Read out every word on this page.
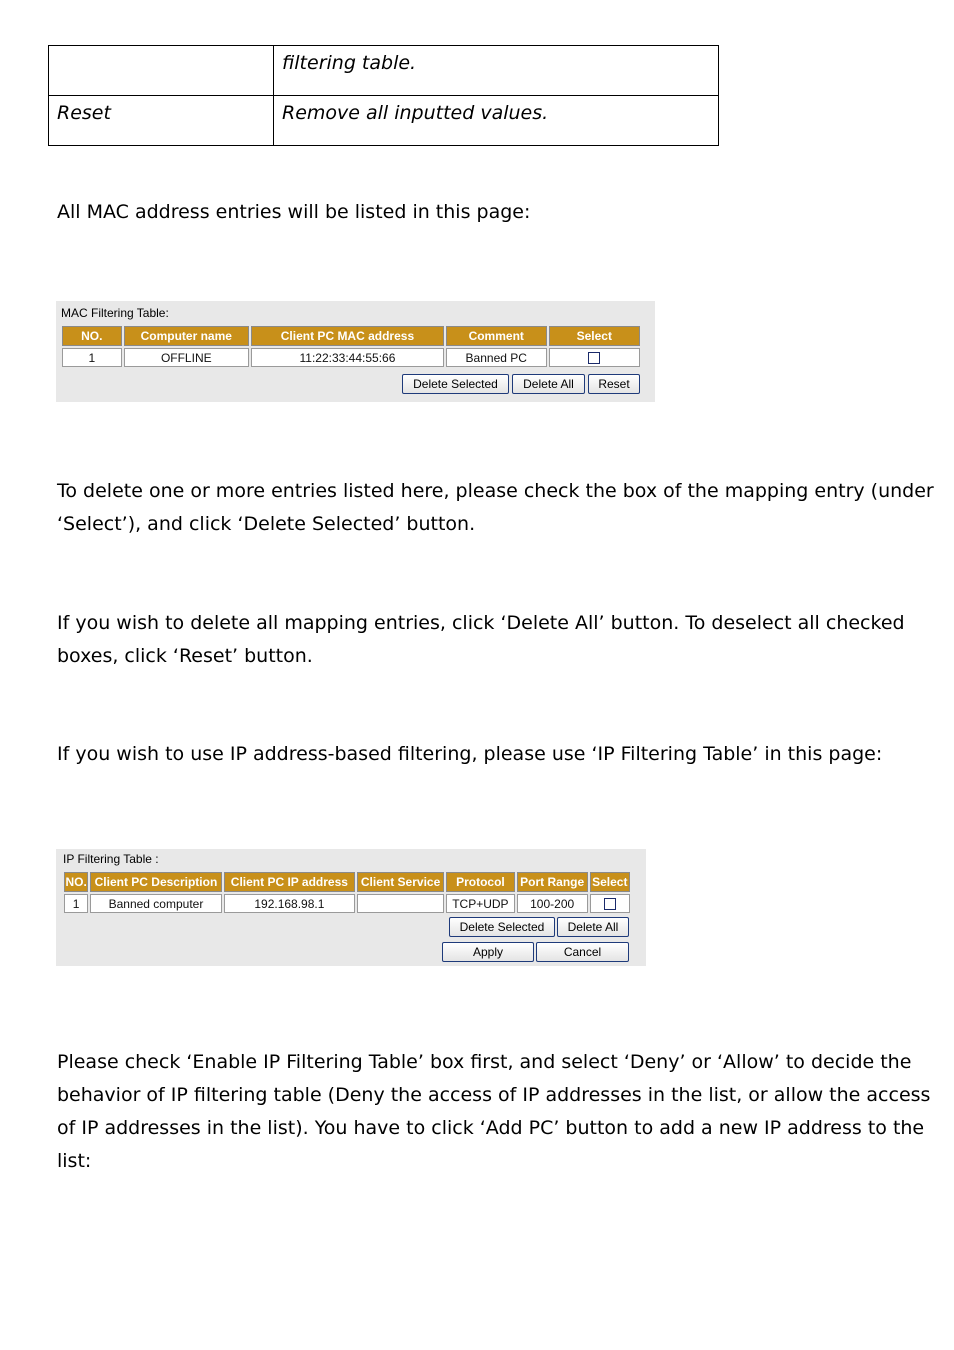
	filtering table.
Reset	Remove all inputted values.
All MAC address entries will be listed in this page:
MAC Filtering Table:
NO.	Computer name	Client PC MAC address	Comment	Select
1	OFFLINE	11:22:33:44:55:66	Banned PC	
Delete Selected	Delete All	Reset
To delete one or more entries listed here, please check the box of the mapping entry (under
‘Select’), and click ‘Delete Selected’ button.
If you wish to delete all mapping entries, click ‘Delete All’ button. To deselect all checked
boxes, click ‘Reset’ button.
If you wish to use IP address-based filtering, please use ‘IP Filtering Table’ in this page:
IP Filtering Table :
NO.	Client PC Description	Client PC IP address	Client Service	Protocol	Port Range	Select
1	Banned computer	192.168.98.1		TCP+UDP	100-200	
Delete Selected	Delete All
Apply	Cancel
Please check ‘Enable IP Filtering Table’ box first, and select ‘Deny’ or ‘Allow’ to decide the
behavior of IP filtering table (Deny the access of IP addresses in the list, or allow the access
of IP addresses in the list). You have to click ‘Add PC’ button to add a new IP address to the
list:
